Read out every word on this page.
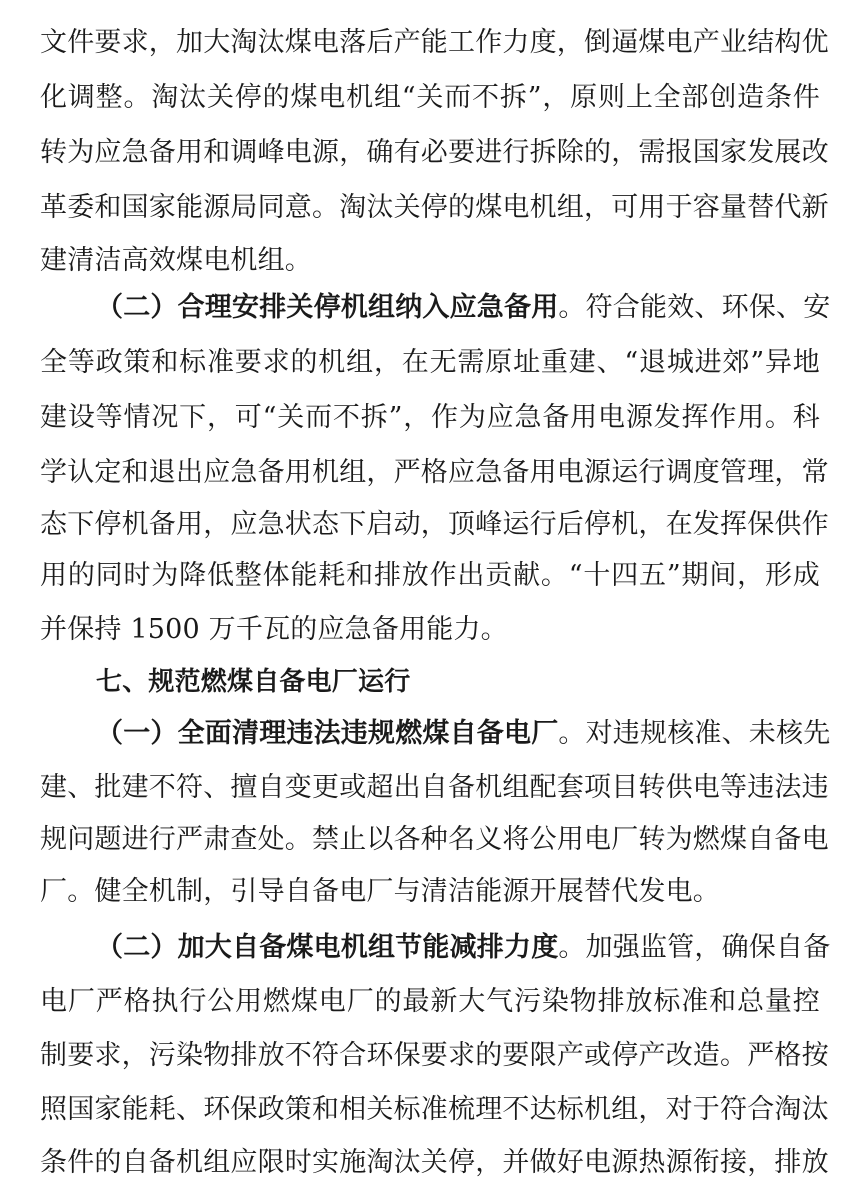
文件要求，加大淘汰煤电落后产能工作力度，倒逼煤电产业结构优
化调整。淘汰关停的煤电机组“关而不拆”，原则上全部创造条件
转为应急备用和调峰电源，确有必要进行拆除的，需报国家发展改
革委和国家能源局同意。淘汰关停的煤电机组，可用于容量替代新
建清洁高效煤电机组。
（二）合理安排关停机组纳入应急备用。符合能效、环保、安
全等政策和标准要求的机组，在无需原址重建、“退城进郊”异地
建设等情况下，可“关而不拆”，作为应急备用电源发挥作用。科
学认定和退出应急备用机组，严格应急备用电源运行调度管理，常
态下停机备用，应急状态下启动，顶峰运行后停机，在发挥保供作
用的同时为降低整体能耗和排放作出贡献。“十四五”期间，形成
并保持 1500 万千瓦的应急备用能力。
七、规范燃煤自备电厂运行
（一）全面清理违法违规燃煤自备电厂。对违规核准、未核先
建、批建不符、擅自变更或超出自备机组配套项目转供电等违法违
规问题进行严肃查处。禁止以各种名义将公用电厂转为燃煤自备电
厂。健全机制，引导自备电厂与清洁能源开展替代发电。
（二）加大自备煤电机组节能减排力度。加强监管，确保自备
电厂严格执行公用燃煤电厂的最新大气污染物排放标准和总量控
制要求，污染物排放不符合环保要求的要限产或停产改造。严格按
照国家能耗、环保政策和相关标准梳理不达标机组，对于符合淘汰
条件的自备机组应限时实施淘汰关停，并做好电源热源衔接，排放
